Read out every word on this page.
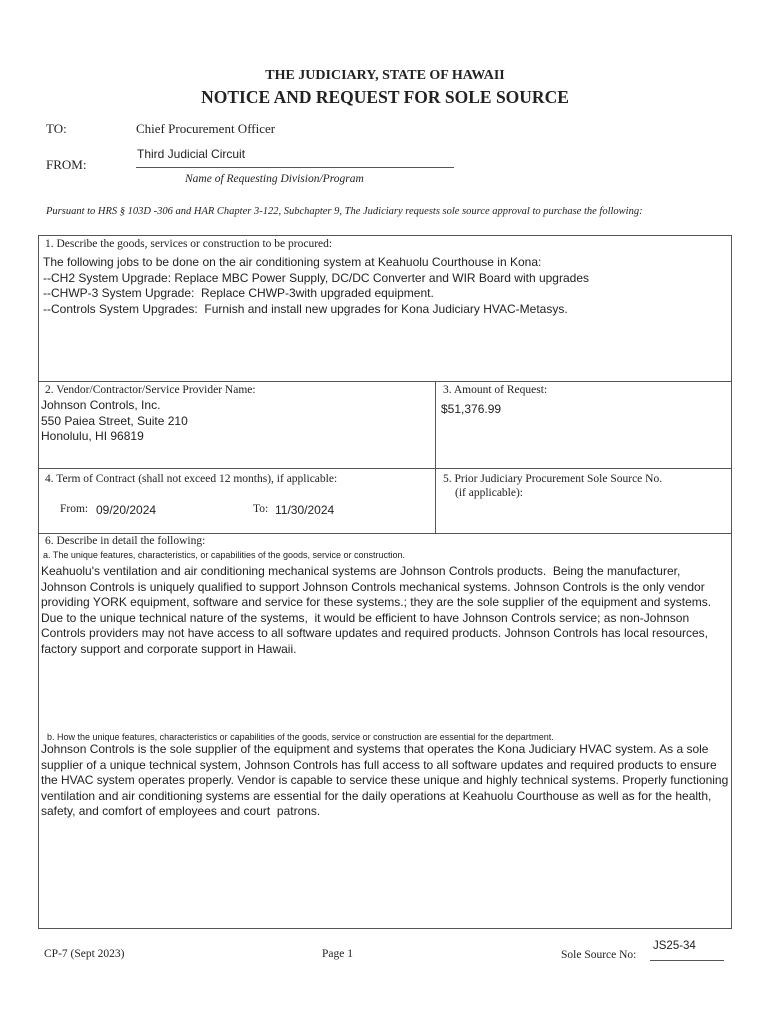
THE JUDICIARY, STATE OF HAWAII
NOTICE AND REQUEST FOR SOLE SOURCE
TO:	Chief Procurement Officer
FROM:
Third Judicial Circuit
Name of Requesting Division/Program
Pursuant to HRS § 103D -306 and HAR Chapter 3-122, Subchapter 9, The Judiciary requests sole source approval to purchase the following:
1. Describe the goods, services or construction to be procured:
The following jobs to be done on the air conditioning system at Keahuolu Courthouse in Kona:
--CH2 System Upgrade: Replace MBC Power Supply, DC/DC Converter and WIR Board with upgrades
--CHWP-3 System Upgrade:  Replace CHWP-3with upgraded equipment.
--Controls System Upgrades:  Furnish and install new upgrades for Kona Judiciary HVAC-Metasys.
2. Vendor/Contractor/Service Provider Name:
Johnson Controls, Inc.
550 Paiea Street, Suite 210
Honolulu, HI 96819
3. Amount of Request:
$51,376.99
4. Term of Contract (shall not exceed 12 months), if applicable:
From: 09/20/2024	To: 11/30/2024
5. Prior Judiciary Procurement Sole Source No.
(if applicable):
6. Describe in detail the following:
a. The unique features, characteristics, or capabilities of the goods, service or construction.
Keahuolu's ventilation and air conditioning mechanical systems are Johnson Controls products.  Being the manufacturer, Johnson Controls is uniquely qualified to support Johnson Controls mechanical systems. Johnson Controls is the only vendor providing YORK equipment, software and service for these systems.; they are the sole supplier of the equipment and systems. Due to the unique technical nature of the systems,  it would be efficient to have Johnson Controls service; as non-Johnson Controls providers may not have access to all software updates and required products. Johnson Controls has local resources, factory support and corporate support in Hawaii.
b. How the unique features, characteristics or capabilities of the goods, service or construction are essential for the department.
Johnson Controls is the sole supplier of the equipment and systems that operates the Kona Judiciary HVAC system. As a sole supplier of a unique technical system, Johnson Controls has full access to all software updates and required products to ensure the HVAC system operates properly. Vendor is capable to service these unique and highly technical systems. Properly functioning ventilation and air conditioning systems are essential for the daily operations at Keahuolu Courthouse as well as for the health, safety, and comfort of employees and court  patrons.
CP-7 (Sept 2023)	Page 1	Sole Source No:
JS25-34
